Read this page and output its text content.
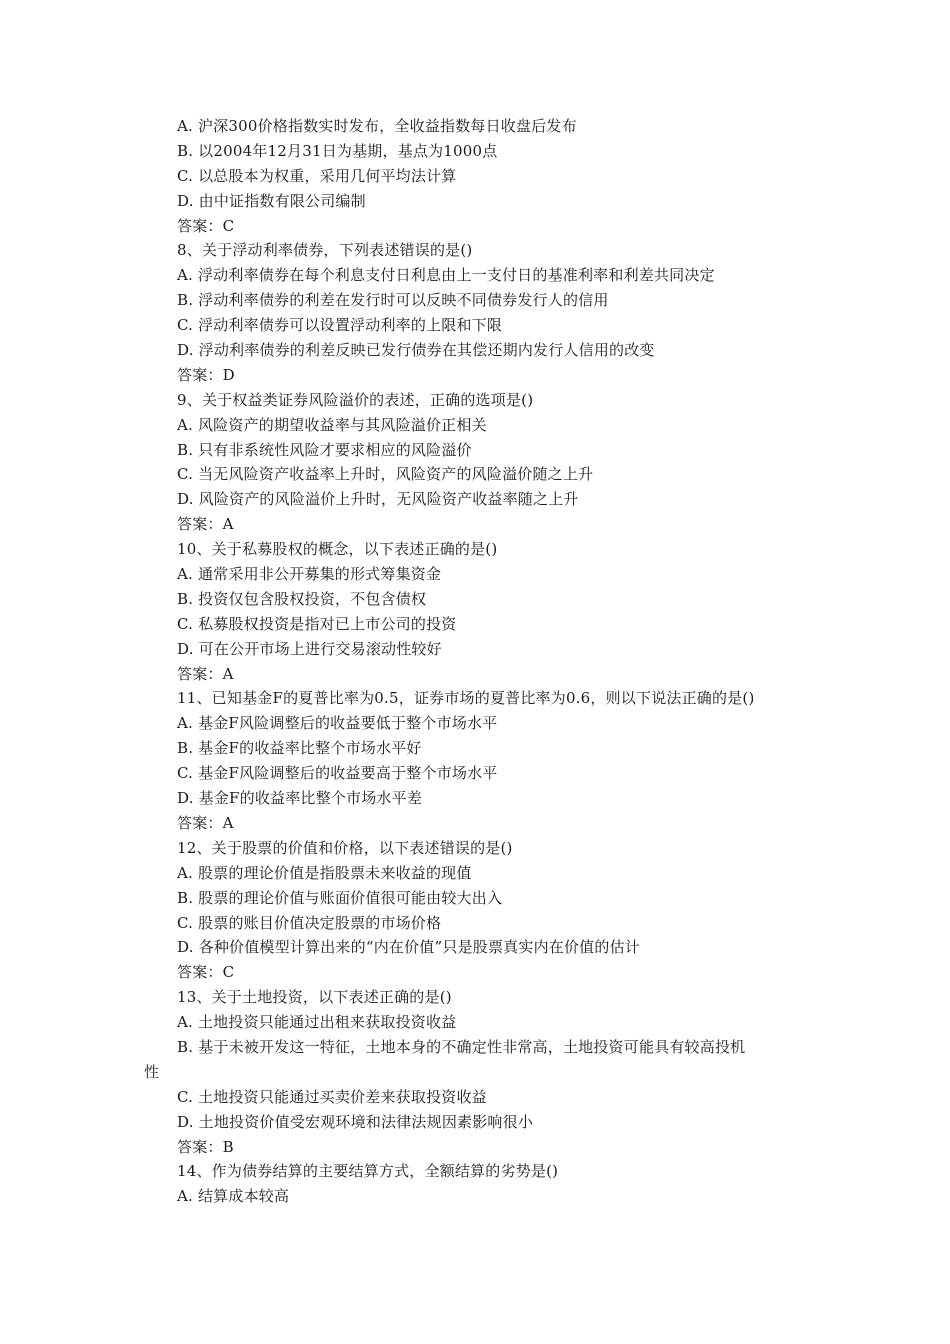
A. 沪深300价格指数实时发布，全收益指数每日收盘后发布
B. 以2004年12月31日为基期，基点为1000点
C. 以总股本为权重，采用几何平均法计算
D. 由中证指数有限公司编制
答案：C
8、关于浮动利率债券，下列表述错误的是()
A. 浮动利率债券在每个利息支付日利息由上一支付日的基准利率和利差共同决定
B. 浮动利率债券的利差在发行时可以反映不同债券发行人的信用
C. 浮动利率债券可以设置浮动利率的上限和下限
D. 浮动利率债券的利差反映已发行债券在其偿还期内发行人信用的改变
答案：D
9、关于权益类证券风险溢价的表述，正确的选项是()
A. 风险资产的期望收益率与其风险溢价正相关
B. 只有非系统性风险才要求相应的风险溢价
C. 当无风险资产收益率上升时，风险资产的风险溢价随之上升
D. 风险资产的风险溢价上升时，无风险资产收益率随之上升
答案：A
10、关于私募股权的概念，以下表述正确的是()
A. 通常采用非公开募集的形式筹集资金
B. 投资仅包含股权投资，不包含债权
C. 私募股权投资是指对已上市公司的投资
D. 可在公开市场上进行交易滚动性较好
答案：A
11、已知基金F的夏普比率为0.5，证券市场的夏普比率为0.6，则以下说法正确的是()
A. 基金F风险调整后的收益要低于整个市场水平
B. 基金F的收益率比整个市场水平好
C. 基金F风险调整后的收益要高于整个市场水平
D. 基金F的收益率比整个市场水平差
答案：A
12、关于股票的价值和价格，以下表述错误的是()
A. 股票的理论价值是指股票未来收益的现值
B. 股票的理论价值与账面价值很可能由较大出入
C. 股票的账目价值决定股票的市场价格
D. 各种价值模型计算出来的“内在价值”只是股票真实内在价值的估计
答案：C
13、关于土地投资，以下表述正确的是()
A. 土地投资只能通过出租来获取投资收益
B. 基于未被开发这一特征，土地本身的不确定性非常高，土地投资可能具有较高投机
性
C. 土地投资只能通过买卖价差来获取投资收益
D. 土地投资价值受宏观环境和法律法规因素影响很小
答案：B
14、作为债券结算的主要结算方式，全额结算的劣势是()
A. 结算成本较高
